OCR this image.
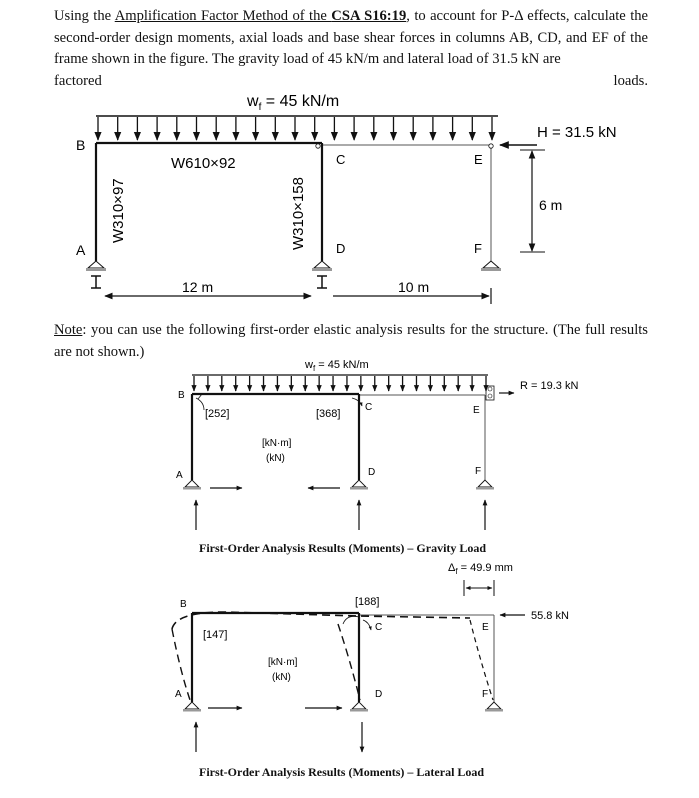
Using the Amplification Factor Method of the CSA S16:19, to account for P-Δ effects, calculate the second-order design moments, axial loads and base shear forces in columns AB, CD, and EF of the frame shown in the figure. The gravity load of 45 kN/m and lateral load of 31.5 kN are
factored	loads.
$w_f = 45$ kN/m
B
A
C
D
E
F
W610×92
W310×97	W310×158
H = 31.5 kN
6 m
12 m	10 m
$w_f = 45$ kN/m
R = 19.3 kN
B
A
C
D
E
F
[252]	[368]
[kN·m]
(kN)
$\Delta_f = 49.9$ mm
55.8 kN
B
A
C
D
E
F
[147]
[188]
[kN·m]
(kN)
Note: you can use the following first-order elastic analysis results for the structure. (The full results are not shown.)
First-Order Analysis Results (Moments) – Gravity Load
First-Order Analysis Results (Moments) – Lateral Load
